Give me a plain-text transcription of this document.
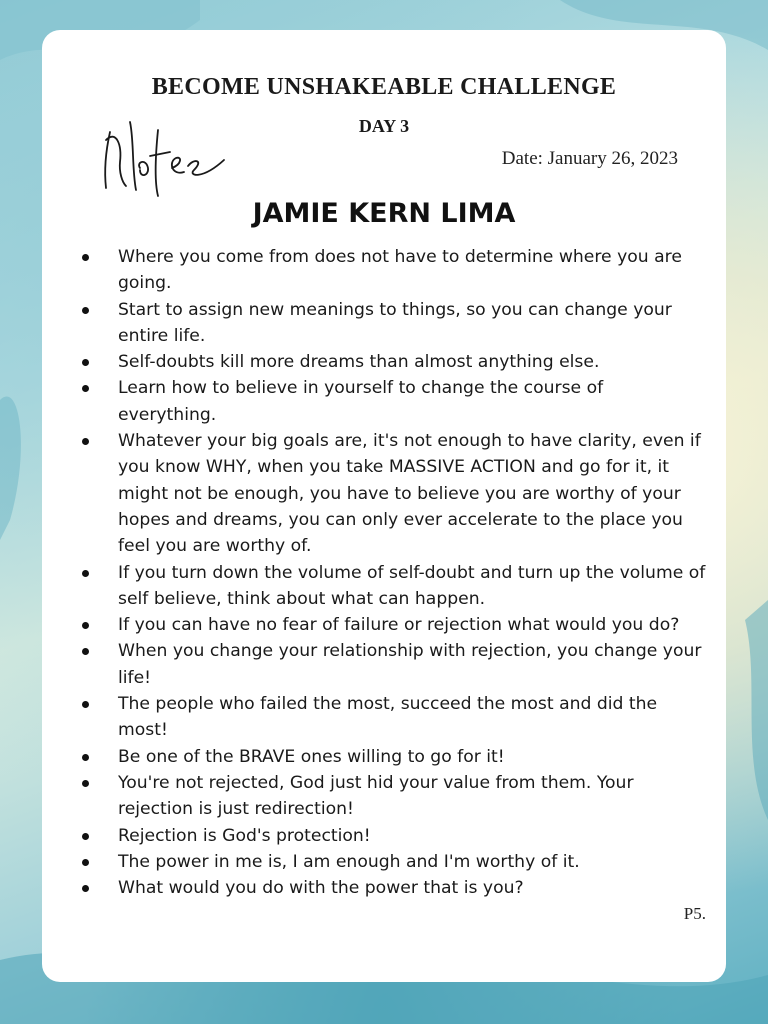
BECOME UNSHAKEABLE CHALLENGE
DAY 3
Date: January 26, 2023
JAMIE KERN LIMA
Where you come from does not have to determine where you are going.
Start to assign new meanings to things, so you can change your entire life.
Self-doubts kill more dreams than almost anything else.
Learn how to believe in yourself to change the course of everything.
Whatever your big goals are, it's not enough to have clarity, even if you know WHY, when you take MASSIVE ACTION and go for it, it might not be enough, you have to believe you are worthy of your hopes and dreams, you can only ever accelerate to the place you feel you are worthy of.
If you turn down the volume of self-doubt and turn up the volume of self believe, think about what can happen.
If you can have no fear of failure or rejection what would you do?
When you change your relationship with rejection, you change your life!
The people who failed the most, succeed the most and did the most!
Be one of the BRAVE ones willing to go for it!
You're not rejected, God just hid your value from them. Your rejection is just redirection!
Rejection is God's protection!
The power in me is, I am enough and I'm worthy of it.
What would you do with the power that is you?
P5.
